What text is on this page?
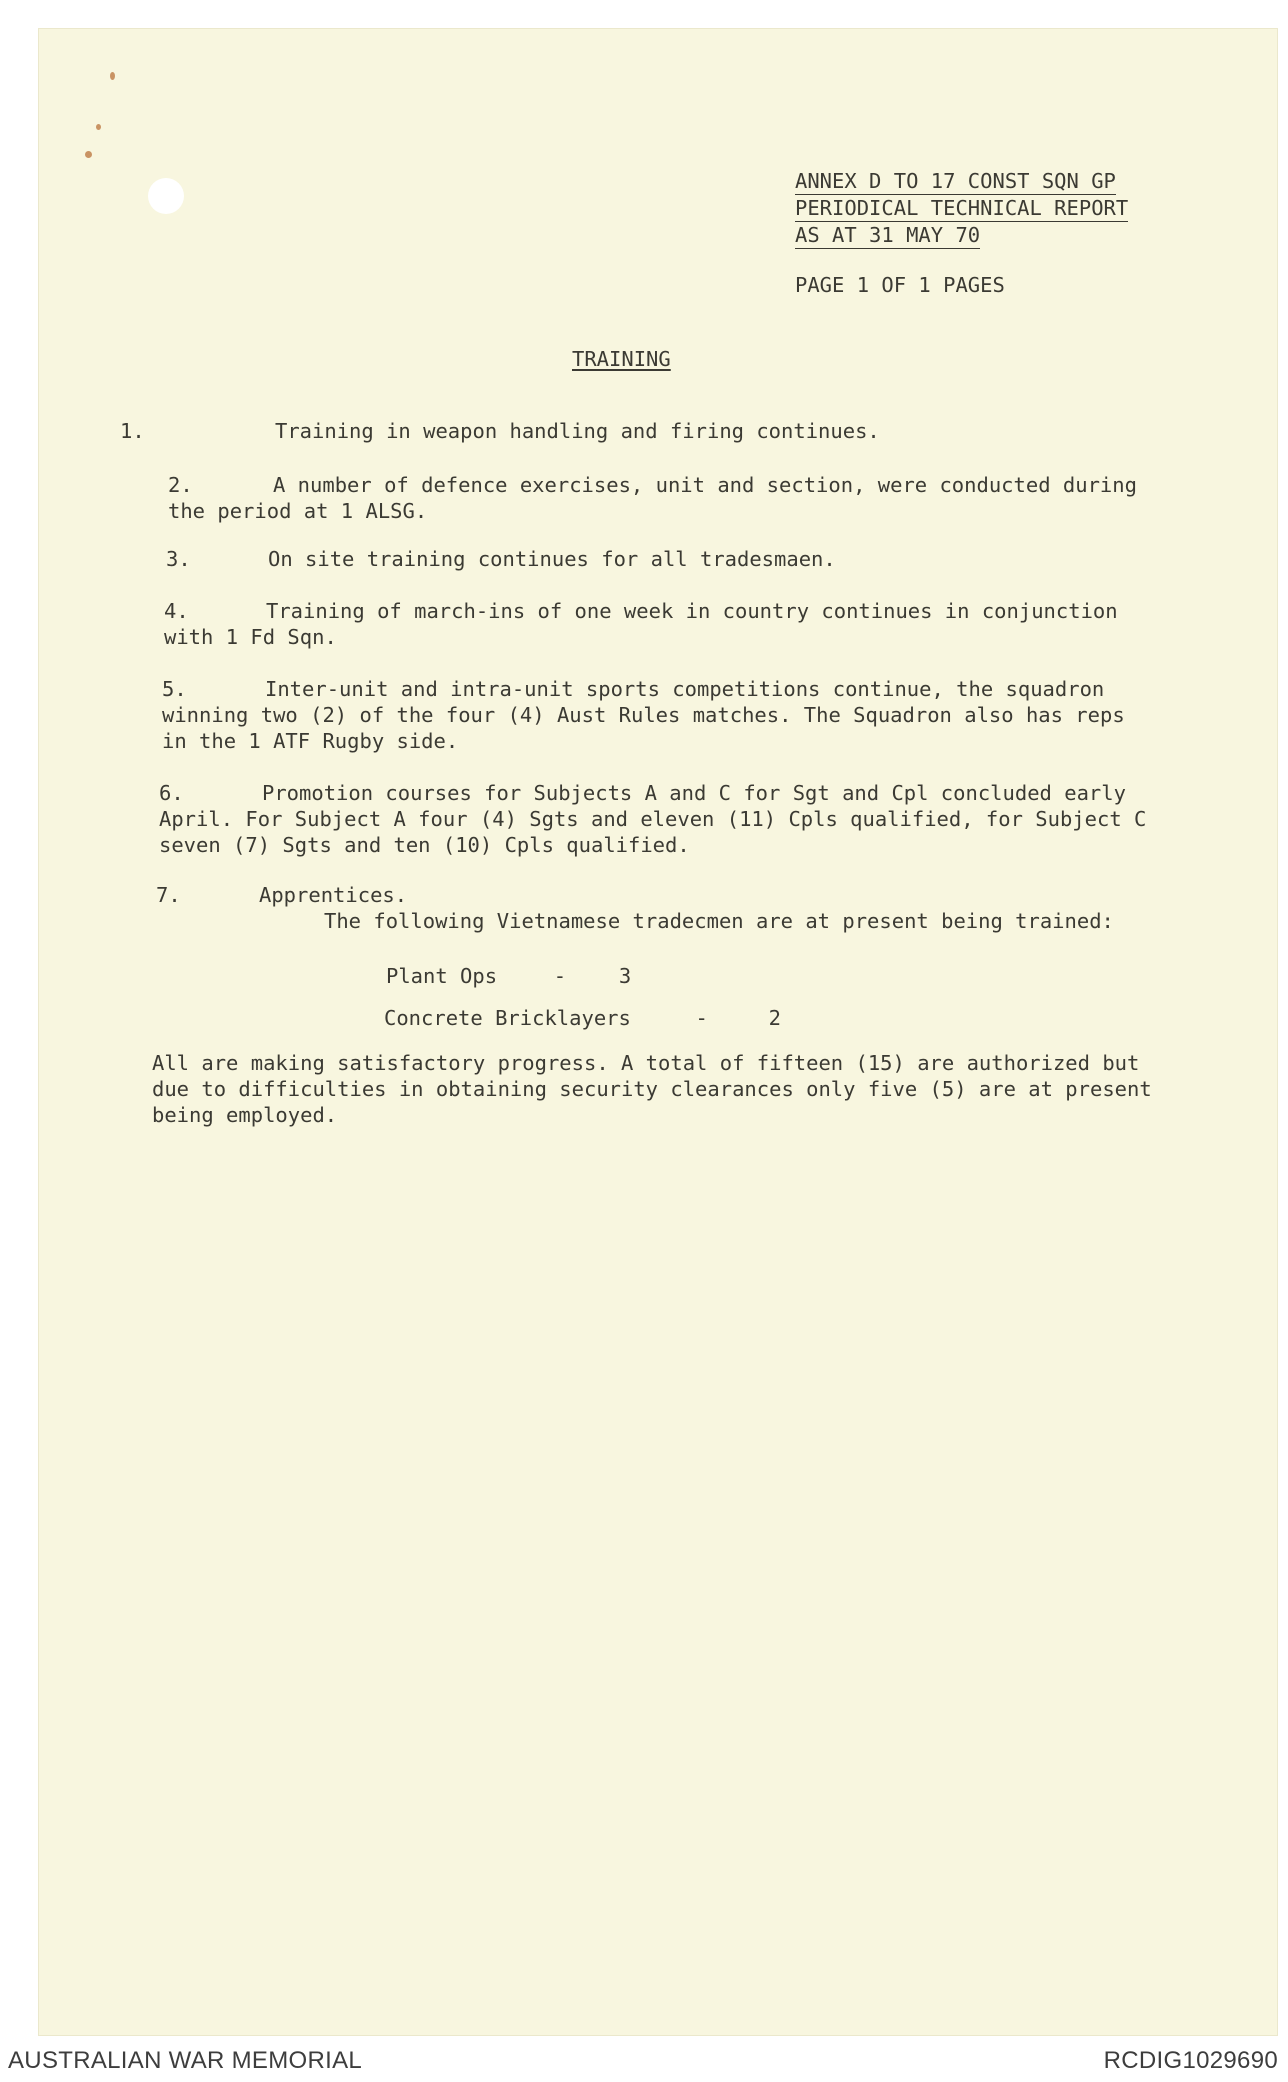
ANNEX D TO 17 CONST SQN GP
PERIODICAL TECHNICAL REPORT
AS AT 31 MAY 70
PAGE 1 OF 1 PAGES
TRAINING
1.	Training in weapon handling and firing continues.
2.	A number of defence exercises, unit and section, were conducted during
the period at 1 ALSG.
3.	On site training continues for all tradesmaen.
4.	Training of march-ins of one week in country continues in conjunction
with 1 Fd Sqn.
5.	Inter-unit and intra-unit sports competitions continue, the squadron
winning two (2) of the four (4) Aust Rules matches. The Squadron also has reps
in the 1 ATF Rugby side.
6.	Promotion courses for Subjects A and C for Sgt and Cpl concluded early
April. For Subject A four (4) Sgts and eleven (11) Cpls qualified, for Subject C
seven (7) Sgts and ten (10) Cpls qualified.
7.	Apprentices.
The following Vietnamese tradecmen are at present being trained:
Plant Ops	-	3
Concrete Bricklayers	-	2
All are making satisfactory progress. A total of fifteen (15) are authorized but
due to difficulties in obtaining security clearances only five (5) are at present
being employed.
AUSTRALIAN WAR MEMORIAL	RCDIG1029690
